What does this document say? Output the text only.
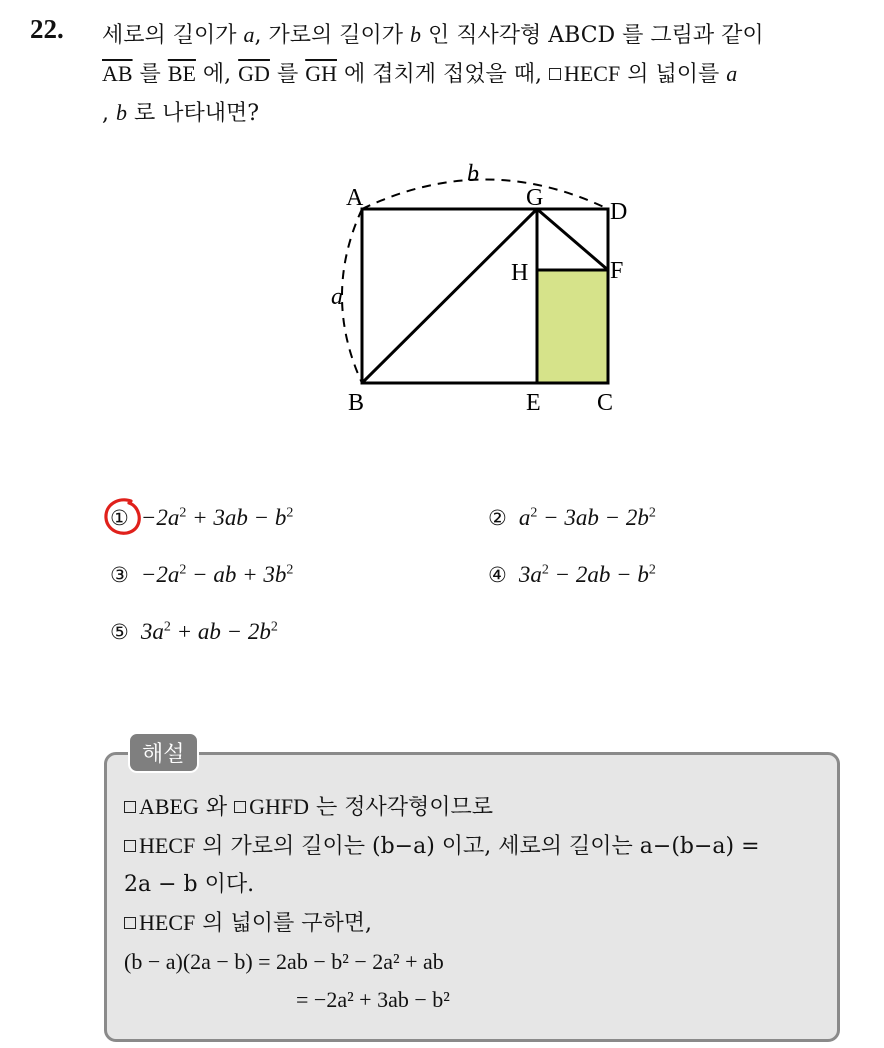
22. 세로의 길이가 a, 가로의 길이가 b 인 직사각형 ABCD 를 그림과 같이
$\overline{AB}$ 를 $\overline{BE}$ 에, $\overline{GD}$ 를 $\overline{GH}$ 에 겹치게 접었을 때, HECF 의 넓이를 a
, b 로 나타내면?
A
B	C
D
E
F
G
H
a
b
① $-2a^2 + 3ab - b^2$	② $a^2 - 3ab - 2b^2$
③ $-2a^2$ − ab + $3b^2$	④ $3a^2 - 2ab - b^2$
⑤ $3a^2$ + ab − $2b^2$
해설
ABEG 와 GHFD 는 정사각형이므로
HECF 의 가로의 길이는 (b−a) 이고, 세로의 길이는 a−(b−a) =
2a − b 이다.
HECF 의 넓이를 구하면,
(b − a)(2a − b) = 2ab − b² − 2a² + ab
= −2a² + 3ab − b²
